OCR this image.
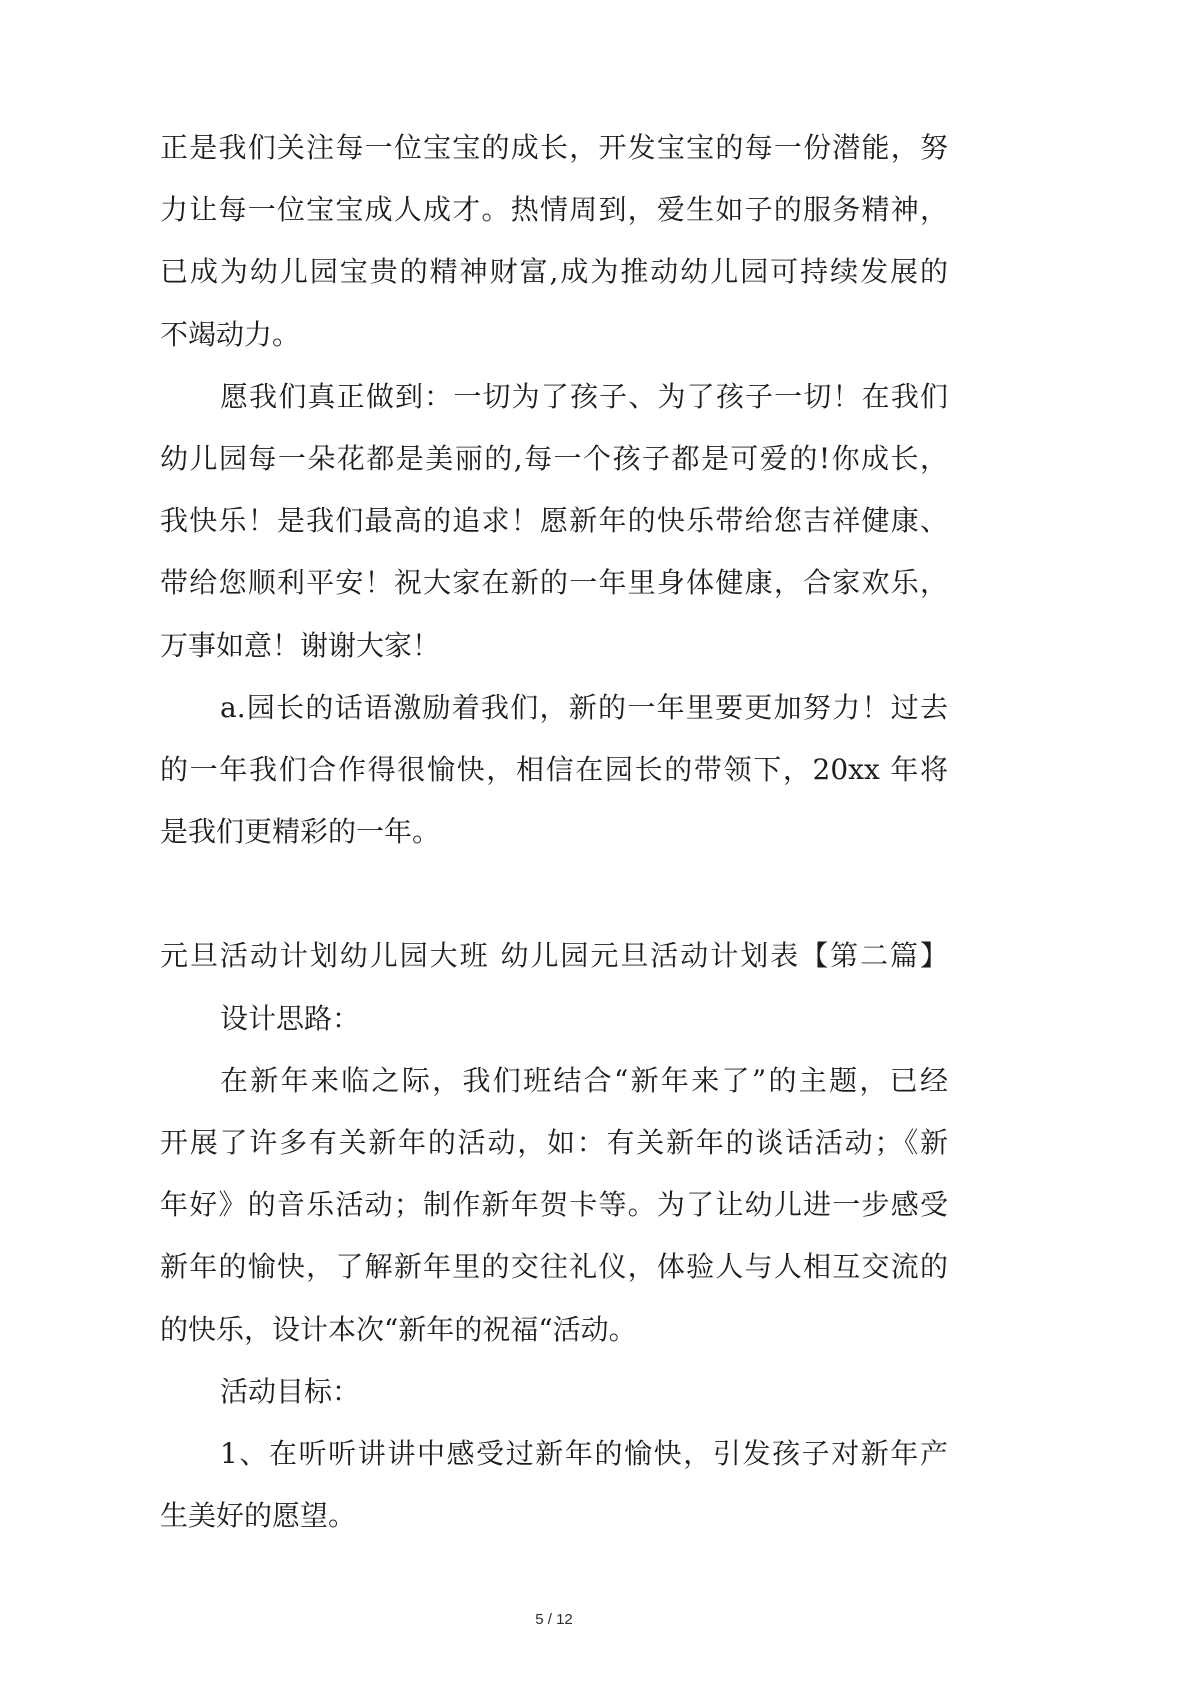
正是我们关注每一位宝宝的成长，开发宝宝的每一份潜能，努
力让每一位宝宝成人成才。热情周到，爱生如子的服务精神，
已成为幼儿园宝贵的精神财富,成为推动幼儿园可持续发展的
不竭动力。
愿我们真正做到：一切为了孩子、为了孩子一切！在我们
幼儿园每一朵花都是美丽的,每一个孩子都是可爱的!你成长，
我快乐！是我们最高的追求！愿新年的快乐带给您吉祥健康、
带给您顺利平安！祝大家在新的一年里身体健康，合家欢乐，
万事如意！谢谢大家！
a.园长的话语激励着我们，新的一年里要更加努力！过去
的一年我们合作得很愉快，相信在园长的带领下，20xx 年将
是我们更精彩的一年。
元旦活动计划幼儿园大班 幼儿园元旦活动计划表【第二篇】
设计思路：
在新年来临之际，我们班结合“新年来了”的主题，已经
开展了许多有关新年的活动，如：有关新年的谈话活动；《新
年好》的音乐活动；制作新年贺卡等。为了让幼儿进一步感受
新年的愉快，了解新年里的交往礼仪，体验人与人相互交流的
的快乐，设计本次“新年的祝福“活动。
活动目标：
1、在听听讲讲中感受过新年的愉快，引发孩子对新年产
生美好的愿望。
5 / 12
